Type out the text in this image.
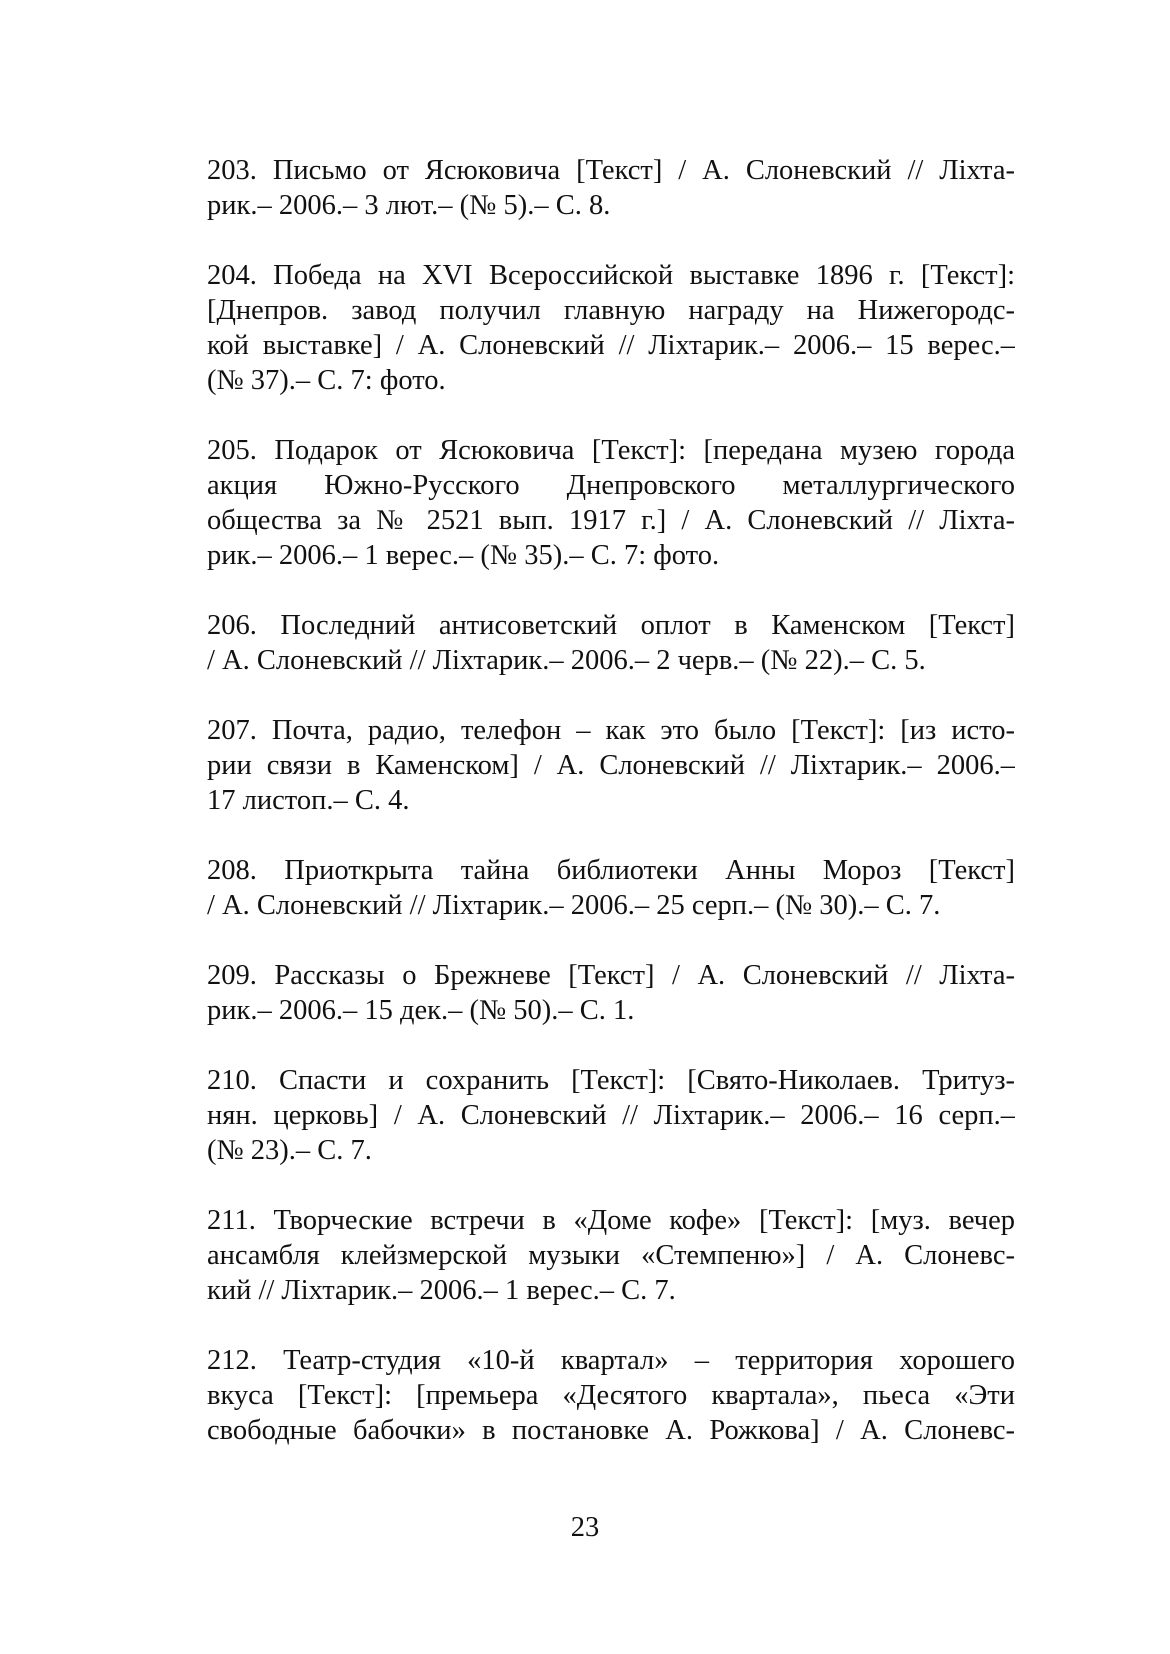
203. Письмо от Ясюковича [Текст] / А. Слоневский // Ліхта-
рик.– 2006.– 3 лют.– (№ 5).– С. 8.
204. Победа на XVI Всероссийской выставке 1896 г. [Текст]:
[Днепров. завод получил главную награду на Нижегородс-
кой выставке] / А. Слоневский // Ліхтарик.– 2006.– 15 верес.–
(№ 37).– С. 7: фото.
205. Подарок от Ясюковича [Текст]: [передана музею города
акция Южно-Русского Днепровского металлургического
общества за № 2521 вып. 1917 г.] / А. Слоневский // Ліхта-
рик.– 2006.– 1 верес.– (№ 35).– С. 7: фото.
206. Последний антисоветский оплот в Каменском [Текст]
/ А. Слоневский // Ліхтарик.– 2006.– 2 черв.– (№ 22).– С. 5.
207. Почта, радио, телефон – как это было [Текст]: [из исто-
рии связи в Каменском] / А. Слоневский // Ліхтарик.– 2006.–
17 листоп.– С. 4.
208. Приоткрыта тайна библиотеки Анны Мороз [Текст]
/ А. Слоневский // Ліхтарик.– 2006.– 25 серп.– (№ 30).– С. 7.
209. Рассказы о Брежневе [Текст] / А. Слоневский // Ліхта-
рик.– 2006.– 15 дек.– (№ 50).– С. 1.
210. Спасти и сохранить [Текст]: [Свято-Николаев. Тритуз-
нян. церковь] / А. Слоневский // Ліхтарик.– 2006.– 16 серп.–
(№ 23).– С. 7.
211. Творческие встречи в «Доме кофе» [Текст]: [муз. вечер
ансамбля клейзмерской музыки «Стемпеню»] / А. Слоневс-
кий // Ліхтарик.– 2006.– 1 верес.– С. 7.
212. Театр-студия «10-й квартал» – территория хорошего
вкуса [Текст]: [премьера «Десятого квартала», пьеса «Эти
свободные бабочки» в постановке А. Рожкова] / А. Слоневс-
23
